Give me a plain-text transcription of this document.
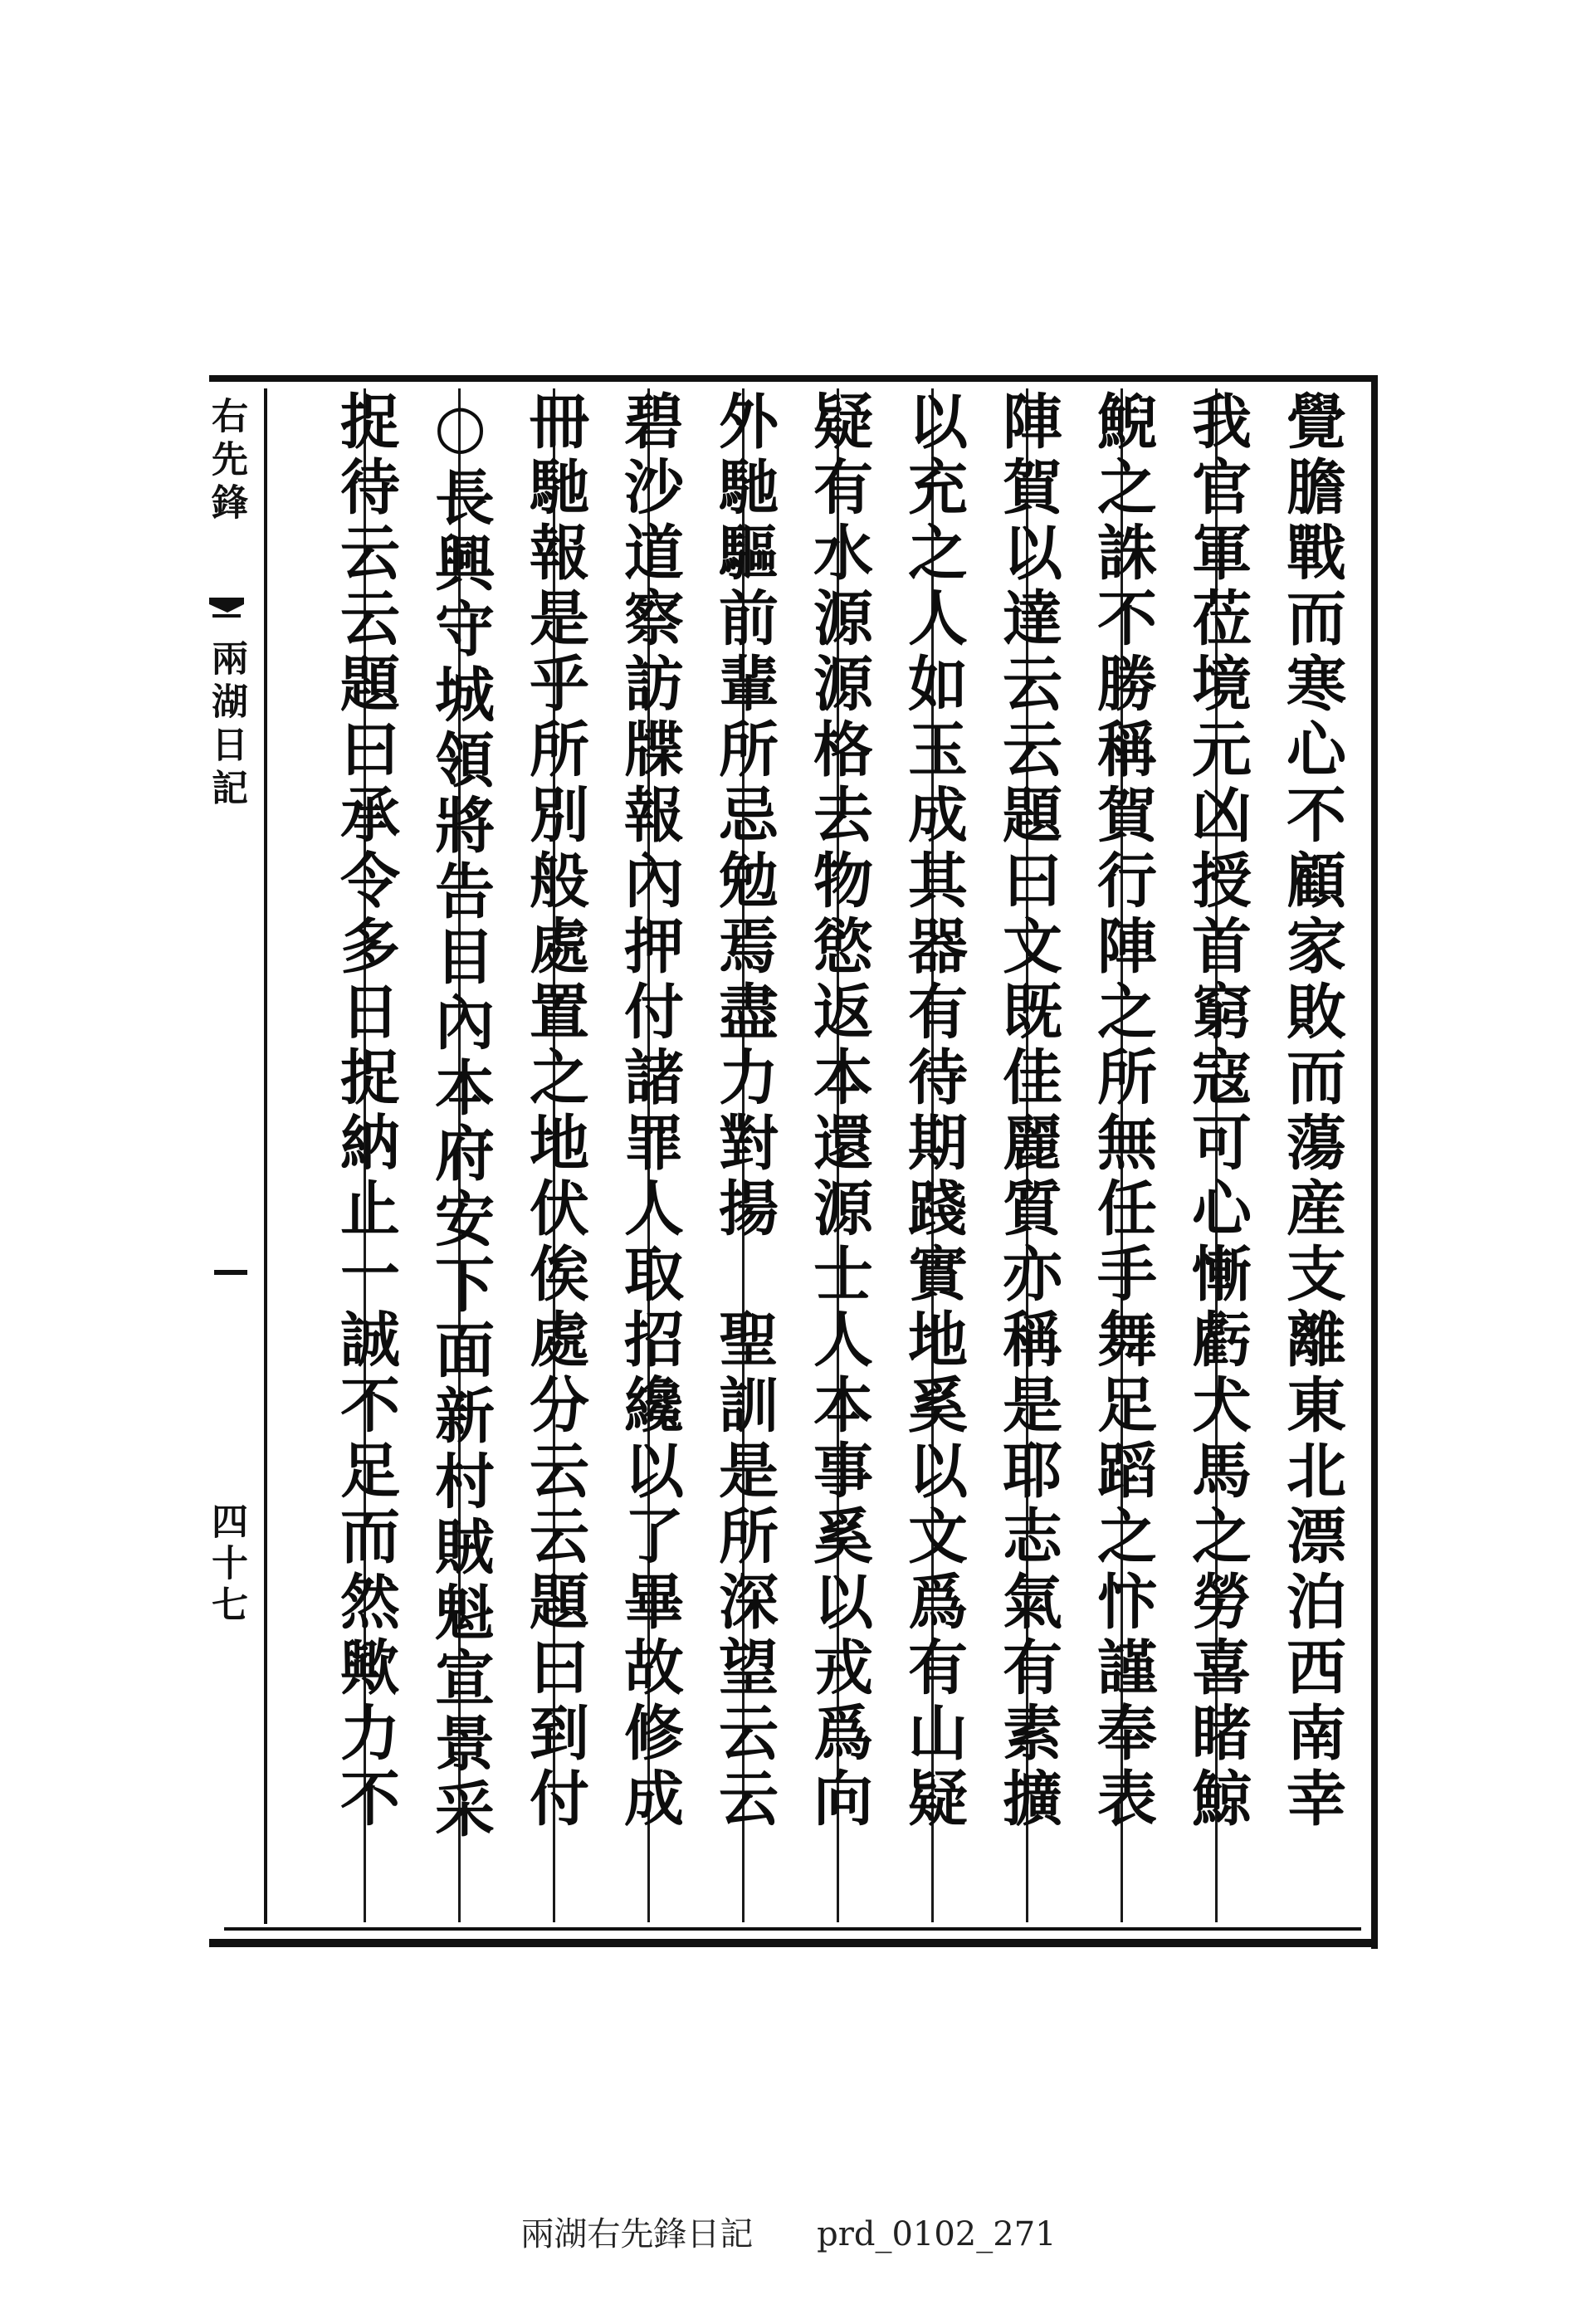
右先鋒
兩湖日記
四十七	覺膽戰而寒心不顧家敗而蕩産支離東北漂泊西南幸
我官軍莅境元凶授首窮寇可心慚虧犬馬之勞喜睹鯨
鯢之誅不勝稱賀行陣之所無任手舞足蹈之忭謹奉表
陣賀以達云云題曰文既佳麗質亦稱是耶志氣有素擴
以充之人如玉成其器有待期踐實地奚以文爲有山疑
疑有水源源格去物慾返本還源士人本事奚以戎爲向
外馳驅前輩所忌勉焉盡力對揚　聖訓是所深望云云
碧沙道察訪牒報內押付諸罪人取招纔以了畢故修成
冊馳報是乎所別般處置之地伏俟處分云云題曰到付
○長興守城領將告目內本府安下面新村賊魁宣景采
捉待云云題曰承令多日捉納止一誠不足而然歟力不
兩湖右先鋒日記 prd_0102_271
